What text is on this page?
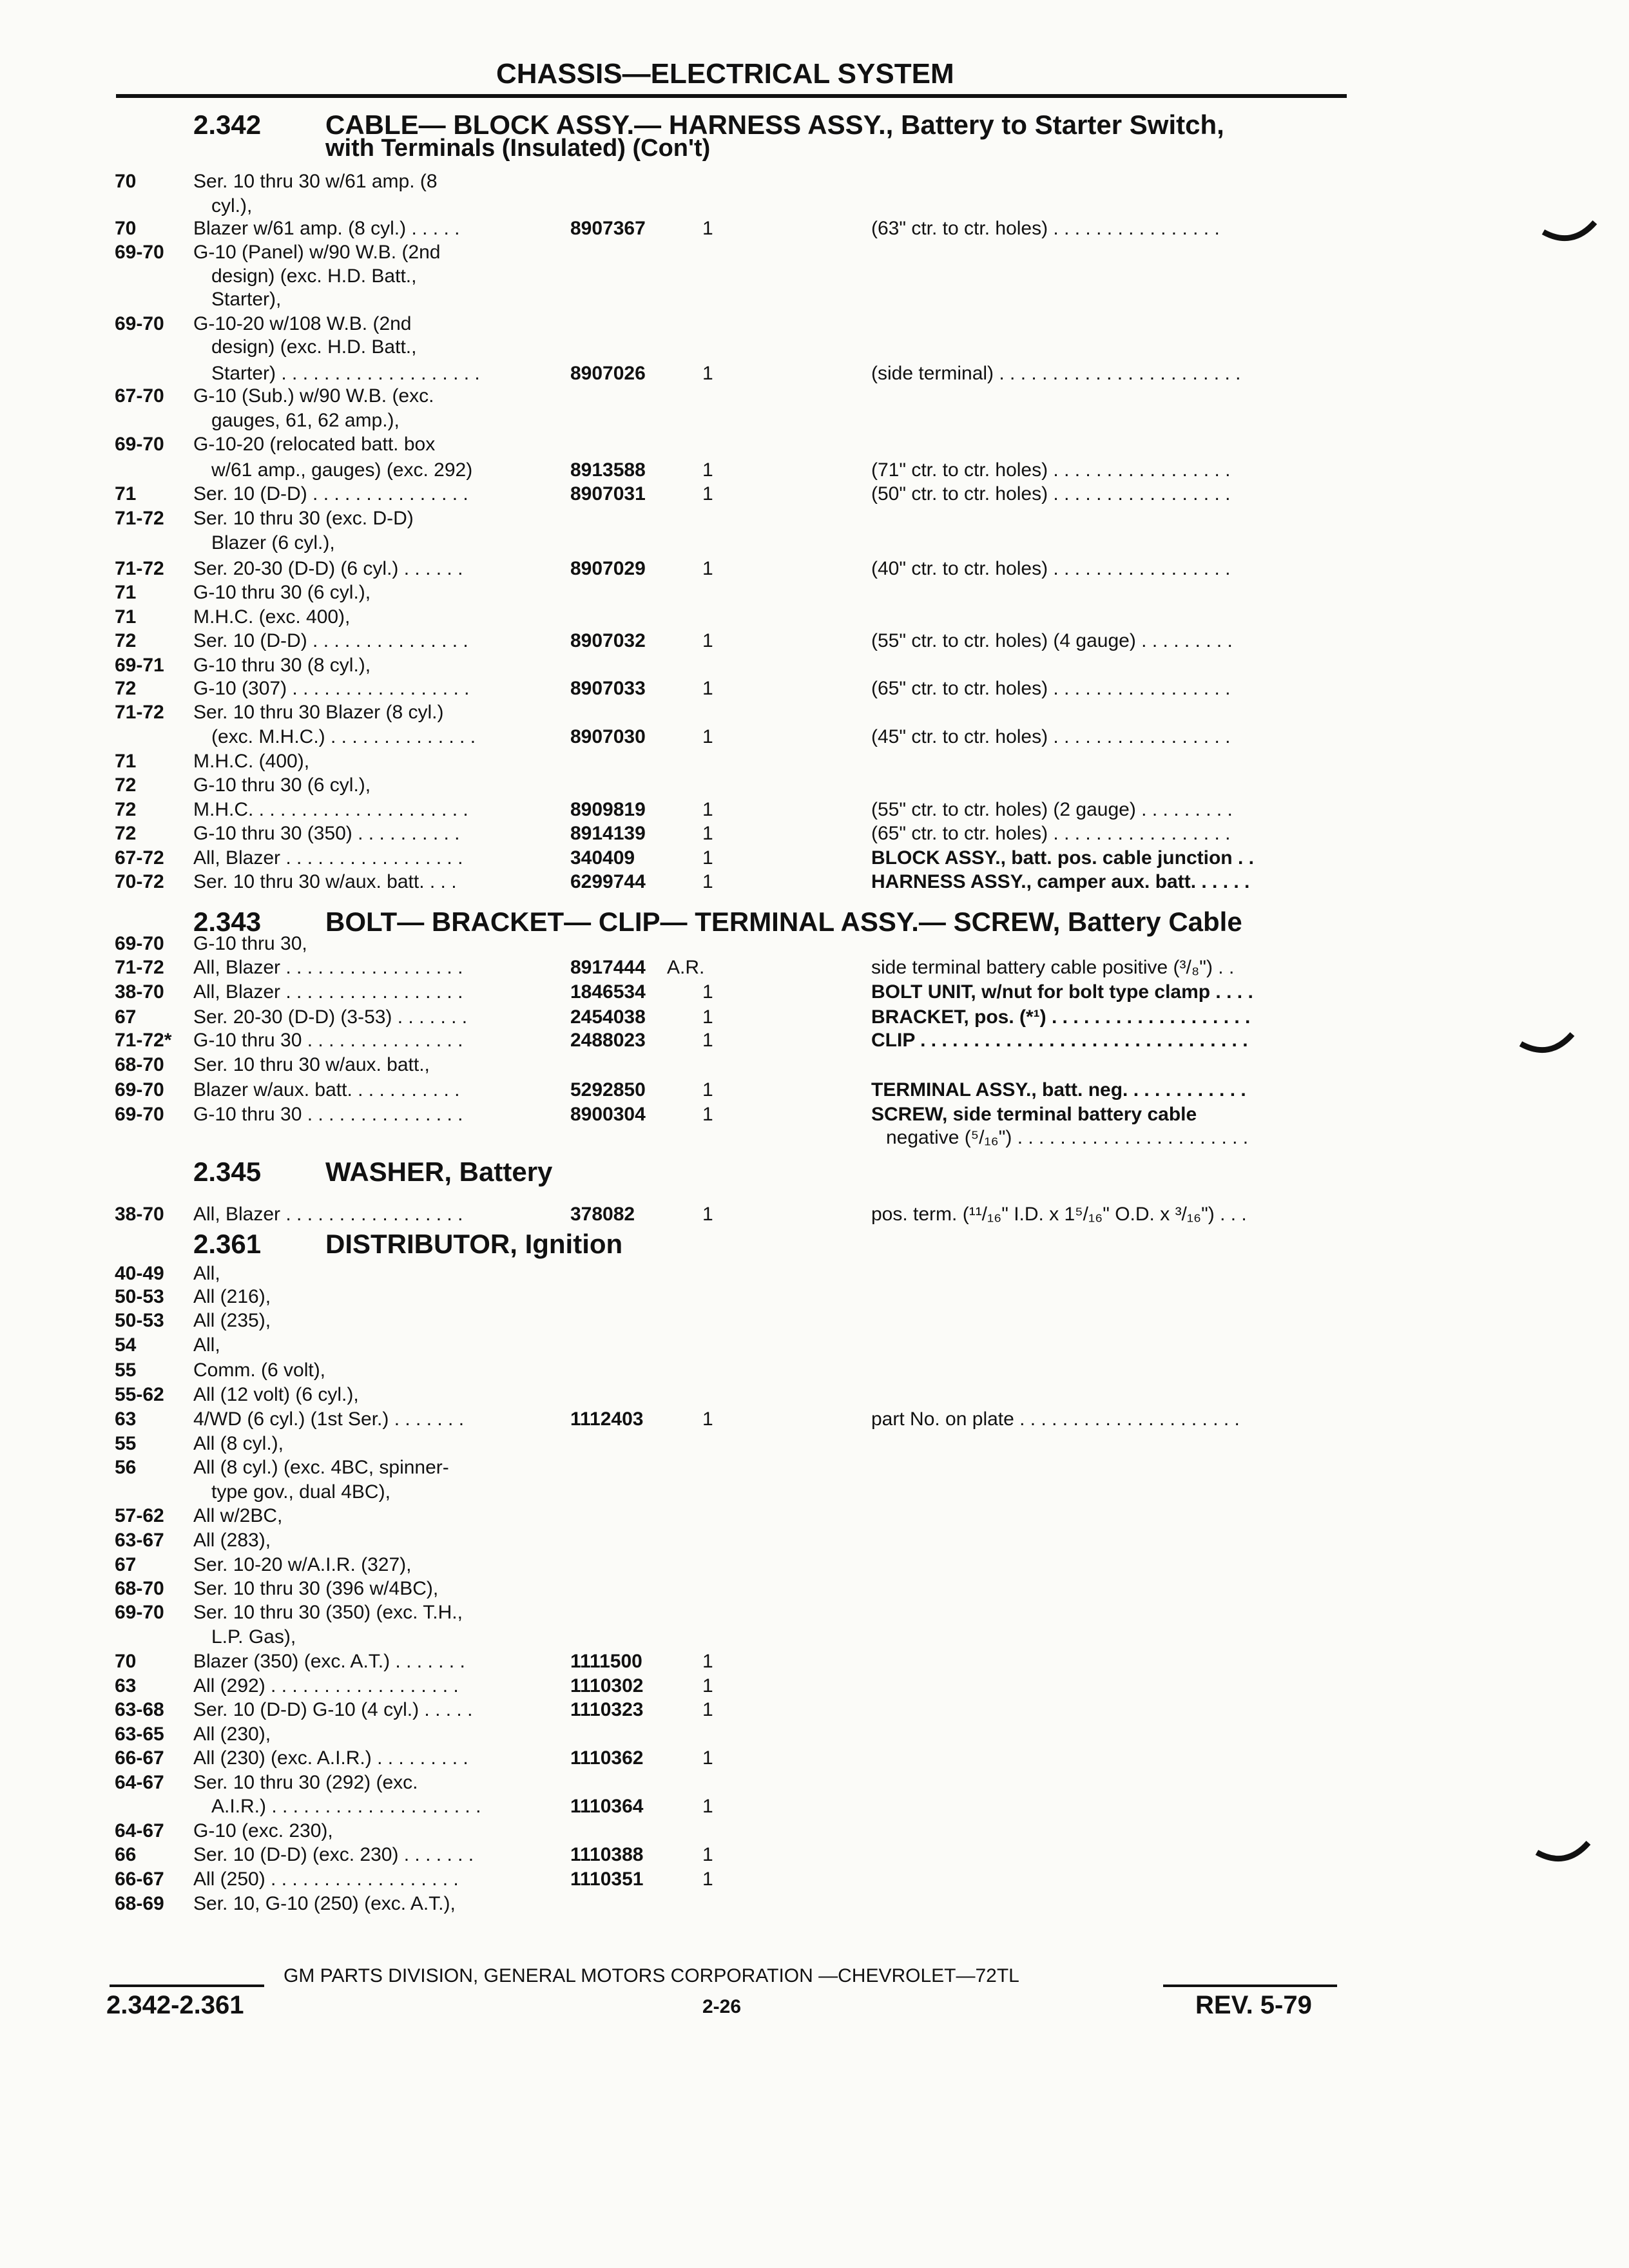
CHASSIS—ELECTRICAL SYSTEM
2.342 CABLE— BLOCK ASSY.— HARNESS ASSY., Battery to Starter Switch,
with Terminals (Insulated) (Con't)
2.343 BOLT— BRACKET— CLIP— TERMINAL ASSY.— SCREW, Battery Cable
2.345 WASHER, Battery
2.361 DISTRIBUTOR, Ignition
70	Ser. 10 thru 30 w/61 amp. (8
cyl.),
70	Blazer w/61 amp. (8 cyl.) . . . . .	8907367	1	(63" ctr. to ctr. holes) . . . . . . . . . . . . . . . .
69-70 G-10 (Panel) w/90 W.B. (2nd
design) (exc. H.D. Batt.,
Starter),
69-70 G-10-20 w/108 W.B. (2nd
design) (exc. H.D. Batt.,
Starter) . . . . . . . . . . . . . . . . . . .	8907026	1	(side terminal) . . . . . . . . . . . . . . . . . . . . . . .
67-70 G-10 (Sub.) w/90 W.B. (exc.
gauges, 61, 62 amp.),
69-70 G-10-20 (relocated batt. box
w/61 amp., gauges) (exc. 292)	8913588	1	(71" ctr. to ctr. holes) . . . . . . . . . . . . . . . . .
71	Ser. 10 (D-D) . . . . . . . . . . . . . . .	8907031	1	(50" ctr. to ctr. holes) . . . . . . . . . . . . . . . . .
71-72 Ser. 10 thru 30 (exc. D-D)
Blazer (6 cyl.),
71-72 Ser. 20-30 (D-D) (6 cyl.) . . . . . .	8907029	1	(40" ctr. to ctr. holes) . . . . . . . . . . . . . . . . .
71	G-10 thru 30 (6 cyl.),
71	M.H.C. (exc. 400),
72	Ser. 10 (D-D) . . . . . . . . . . . . . . .	8907032	1	(55" ctr. to ctr. holes) (4 gauge) . . . . . . . . .
69-71 G-10 thru 30 (8 cyl.),
72	G-10 (307) . . . . . . . . . . . . . . . . .	8907033	1	(65" ctr. to ctr. holes) . . . . . . . . . . . . . . . . .
71-72 Ser. 10 thru 30 Blazer (8 cyl.)
(exc. M.H.C.) . . . . . . . . . . . . . .	8907030	1	(45" ctr. to ctr. holes) . . . . . . . . . . . . . . . . .
71	M.H.C. (400),
72	G-10 thru 30 (6 cyl.),
72	M.H.C. . . . . . . . . . . . . . . . . . . . .	8909819	1	(55" ctr. to ctr. holes) (2 gauge) . . . . . . . . .
72	G-10 thru 30 (350) . . . . . . . . . .	8914139	1	(65" ctr. to ctr. holes) . . . . . . . . . . . . . . . . .
67-72 All, Blazer . . . . . . . . . . . . . . . . .	340409	1	BLOCK ASSY., batt. pos. cable junction . .
70-72 Ser. 10 thru 30 w/aux. batt. . . .	6299744	1	HARNESS ASSY., camper aux. batt. . . . . .
69-70 G-10 thru 30,
71-72 All, Blazer . . . . . . . . . . . . . . . . .	8917444 A.R.	side terminal battery cable positive (³/₈") . .
38-70 All, Blazer . . . . . . . . . . . . . . . . .	1846534	1	BOLT UNIT, w/nut for bolt type clamp . . . .
67	Ser. 20-30 (D-D) (3-53) . . . . . . .	2454038	1	BRACKET, pos. (*¹) . . . . . . . . . . . . . . . . . . .
71-72* G-10 thru 30 . . . . . . . . . . . . . . .	2488023	1	CLIP . . . . . . . . . . . . . . . . . . . . . . . . . . . . . . .
68-70 Ser. 10 thru 30 w/aux. batt.,
69-70 Blazer w/aux. batt. . . . . . . . . . .	5292850	1	TERMINAL ASSY., batt. neg. . . . . . . . . . . .
69-70 G-10 thru 30 . . . . . . . . . . . . . . .	8900304	1	SCREW, side terminal battery cable
negative (⁵/₁₆") . . . . . . . . . . . . . . . . . . . . . .
38-70 All, Blazer . . . . . . . . . . . . . . . . .	378082	1	pos. term. (¹¹/₁₆" I.D. x 1⁵/₁₆" O.D. x ³/₁₆") . . .
40-49 All,
50-53 All (216),
50-53 All (235),
54	All,
55	Comm. (6 volt),
55-62 All (12 volt) (6 cyl.),
63	4/WD (6 cyl.) (1st Ser.) . . . . . . .	1112403	1	part No. on plate . . . . . . . . . . . . . . . . . . . . .
55	All (8 cyl.),
56	All (8 cyl.) (exc. 4BC, spinner-
type gov., dual 4BC),
57-62 All w/2BC,
63-67 All (283),
67	Ser. 10-20 w/A.I.R. (327),
68-70 Ser. 10 thru 30 (396 w/4BC),
69-70 Ser. 10 thru 30 (350) (exc. T.H.,
L.P. Gas),
70	Blazer (350) (exc. A.T.) . . . . . . .	1111500	1
63	All (292) . . . . . . . . . . . . . . . . . .	1110302	1
63-68 Ser. 10 (D-D) G-10 (4 cyl.) . . . . .	1110323	1
63-65 All (230),
66-67 All (230) (exc. A.I.R.) . . . . . . . . .	1110362	1
64-67 Ser. 10 thru 30 (292) (exc.
A.I.R.) . . . . . . . . . . . . . . . . . . . .	1110364	1
64-67 G-10 (exc. 230),
66	Ser. 10 (D-D) (exc. 230) . . . . . . .	1110388	1
66-67 All (250) . . . . . . . . . . . . . . . . . .	1110351	1
68-69 Ser. 10, G-10 (250) (exc. A.T.),
GM PARTS DIVISION, GENERAL MOTORS CORPORATION —CHEVROLET—72TL
2.342-2.361	2-26	REV. 5-79
